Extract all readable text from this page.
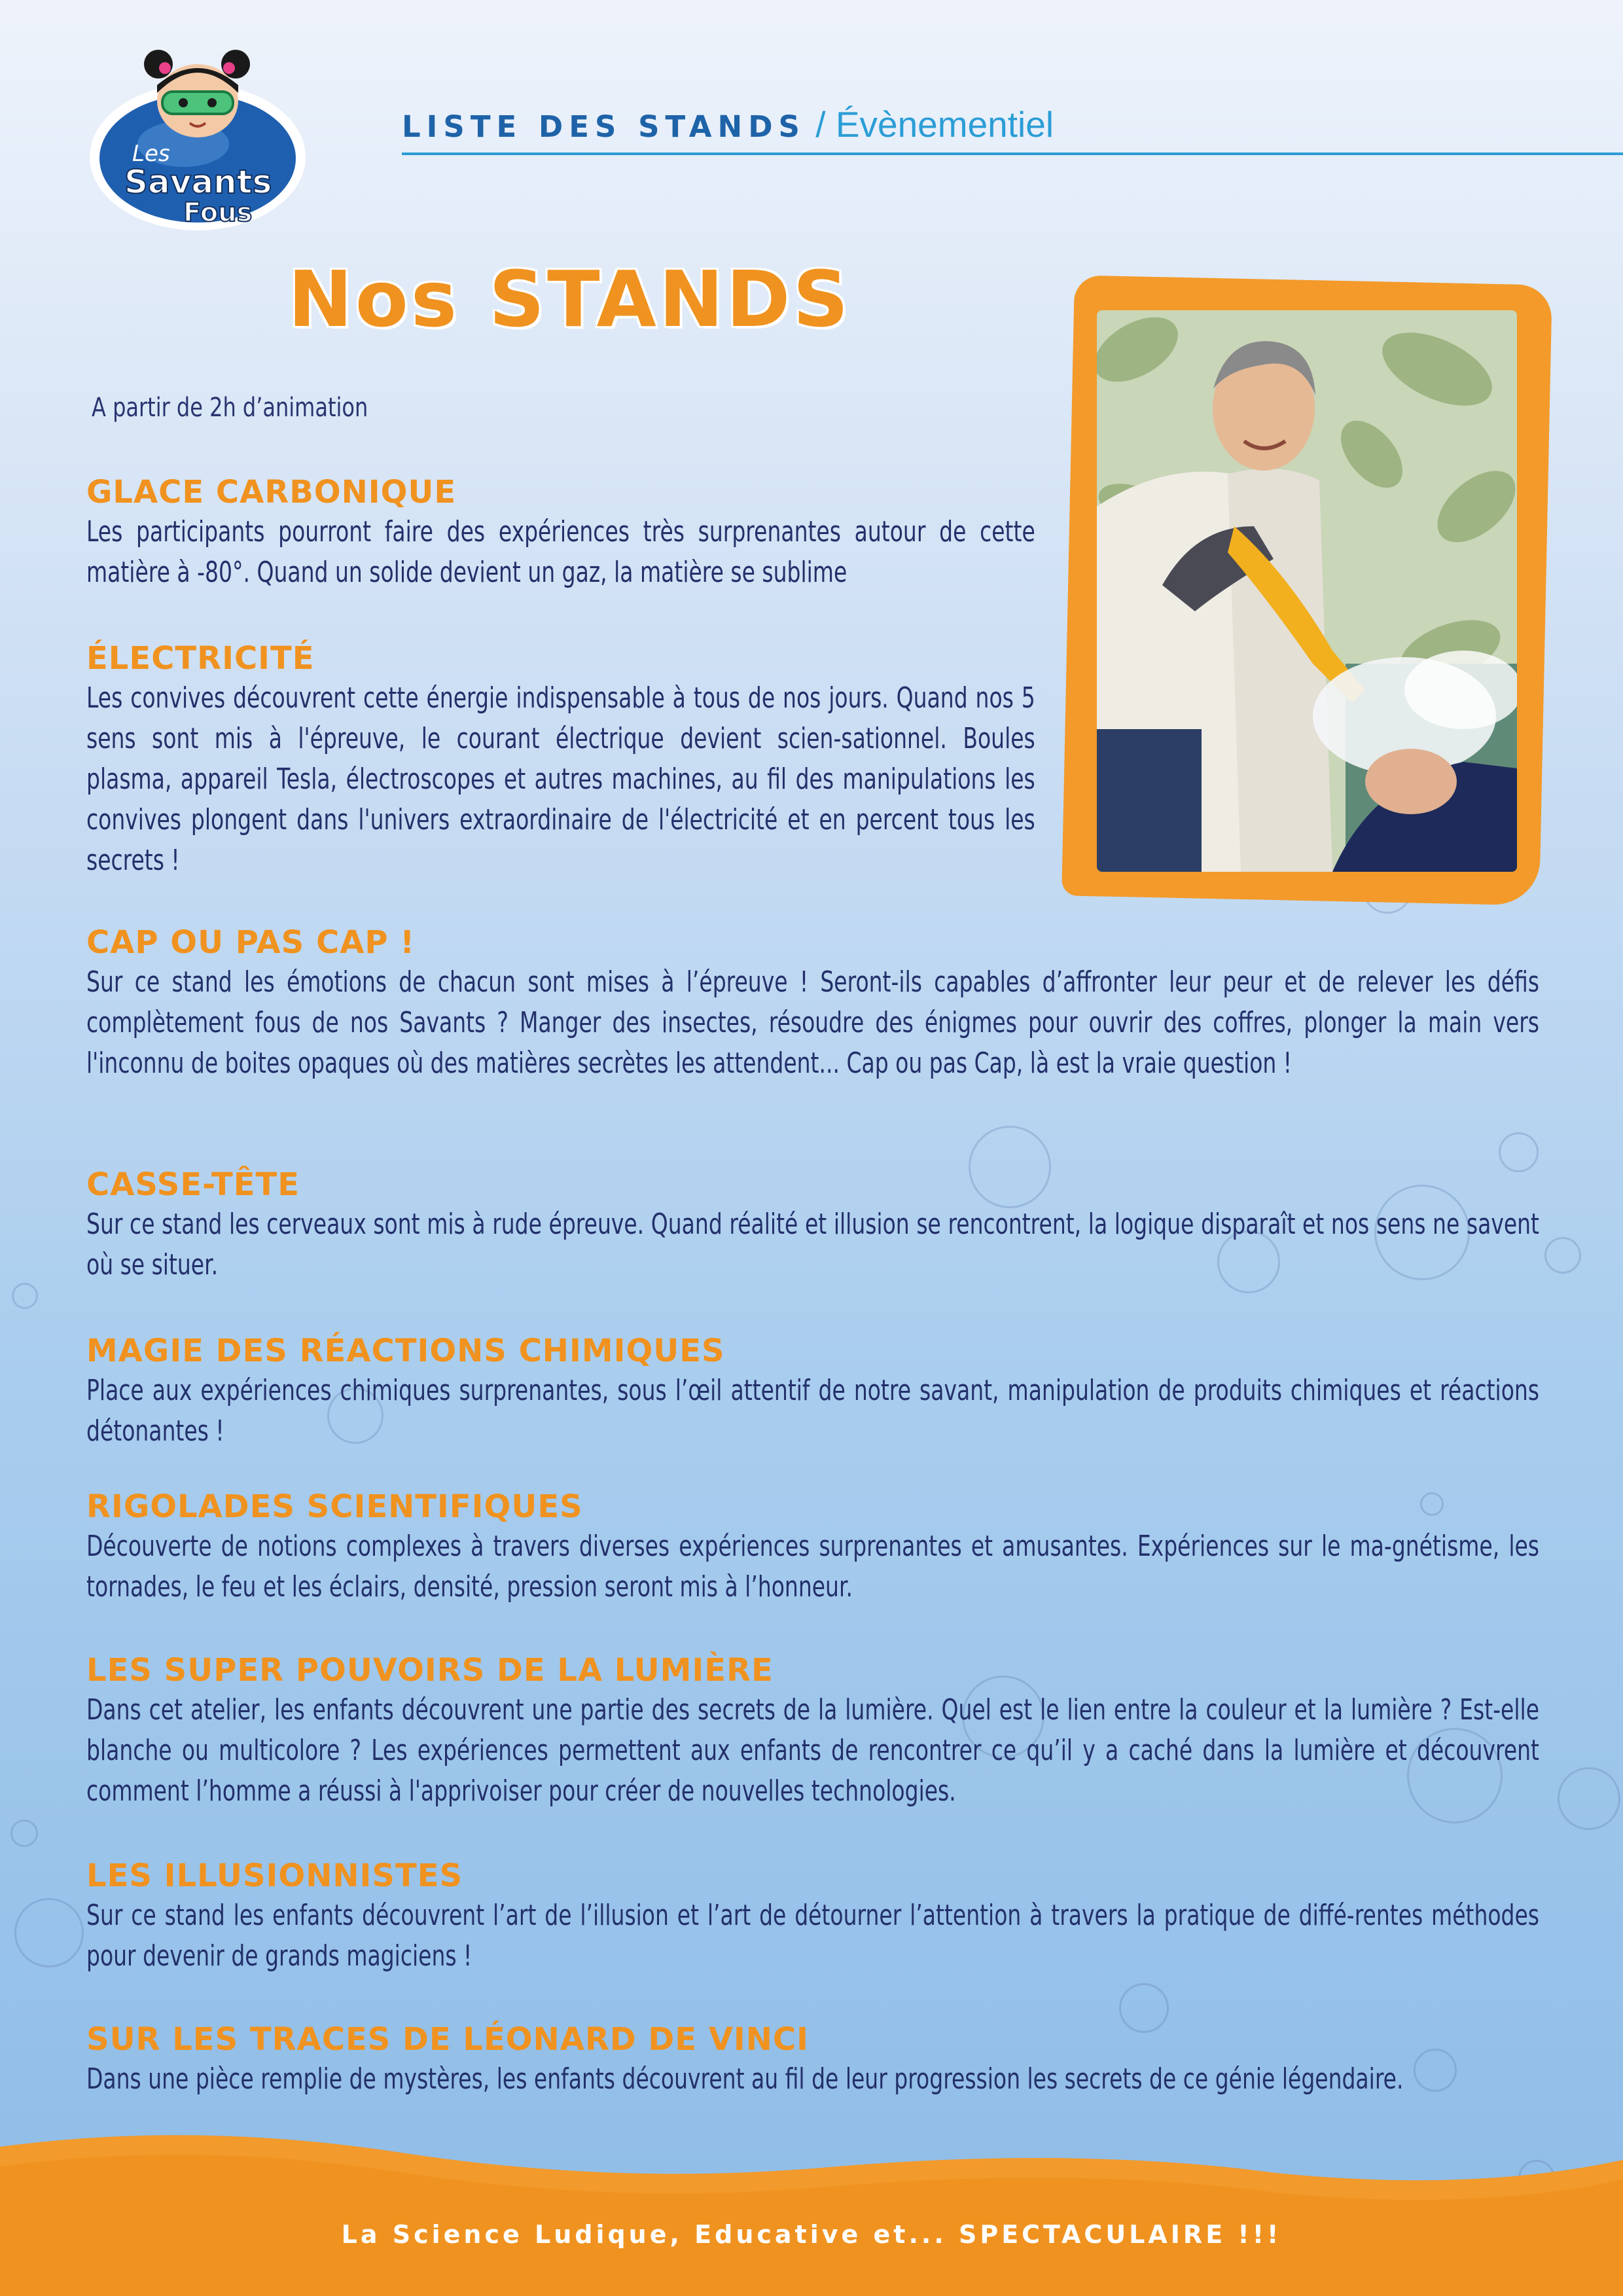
Les
Savants
Fous
LISTE DES STANDS / Évènementiel
Nos STANDS
A partir de 2h d’animation
GLACE CARBONIQUE
Les participants pourront faire des expériences très surprenantes autour de cette matière à -80°. Quand un solide devient un gaz, la matière se sublime
ÉLECTRICITÉ
Les convives découvrent cette énergie indispensable à tous de nos jours. Quand nos 5 sens sont mis à l'épreuve, le courant électrique devient scien-sationnel. Boules plasma, appareil Tesla, électroscopes et autres machines, au fil des manipulations les convives plongent dans l'univers extraordinaire de l'électricité et en percent tous les secrets !
CAP OU PAS CAP !
Sur ce stand les émotions de chacun sont mises à l’épreuve ! Seront-ils capables d’affronter leur peur et de relever les défis complètement fous de nos Savants ? Manger des insectes, résoudre des énigmes pour ouvrir des coffres, plonger la main vers l'inconnu de boites opaques où des matières secrètes les attendent... Cap ou pas Cap, là est la vraie question !
CASSE-TÊTE
Sur ce stand les cerveaux sont mis à rude épreuve. Quand réalité et illusion se rencontrent, la logique disparaît et nos sens ne savent où se situer.
MAGIE DES RÉACTIONS CHIMIQUES
Place aux expériences chimiques surprenantes, sous l’œil attentif de notre savant, manipulation de produits chimiques et réactions détonantes !
RIGOLADES SCIENTIFIQUES
Découverte de notions complexes à travers diverses expériences surprenantes et amusantes. Expériences sur le ma-gnétisme, les tornades, le feu et les éclairs, densité, pression seront mis à l’honneur.
LES SUPER POUVOIRS DE LA LUMIÈRE
Dans cet atelier, les enfants découvrent une partie des secrets de la lumière. Quel est le lien entre la couleur et la lumière ? Est-elle blanche ou multicolore ? Les expériences permettent aux enfants de rencontrer ce qu’il y a caché dans la lumière et découvrent comment l’homme a réussi à l'apprivoiser pour créer de nouvelles technologies.
LES ILLUSIONNISTES
Sur ce stand les enfants découvrent l’art de l’illusion et l’art de détourner l’attention à travers la pratique de diffé-rentes méthodes pour devenir de grands magiciens !
SUR LES TRACES DE LÉONARD DE VINCI
Dans une pièce remplie de mystères, les enfants découvrent au fil de leur progression les secrets de ce génie légendaire.
La Science Ludique, Educative et... SPECTACULAIRE !!!
